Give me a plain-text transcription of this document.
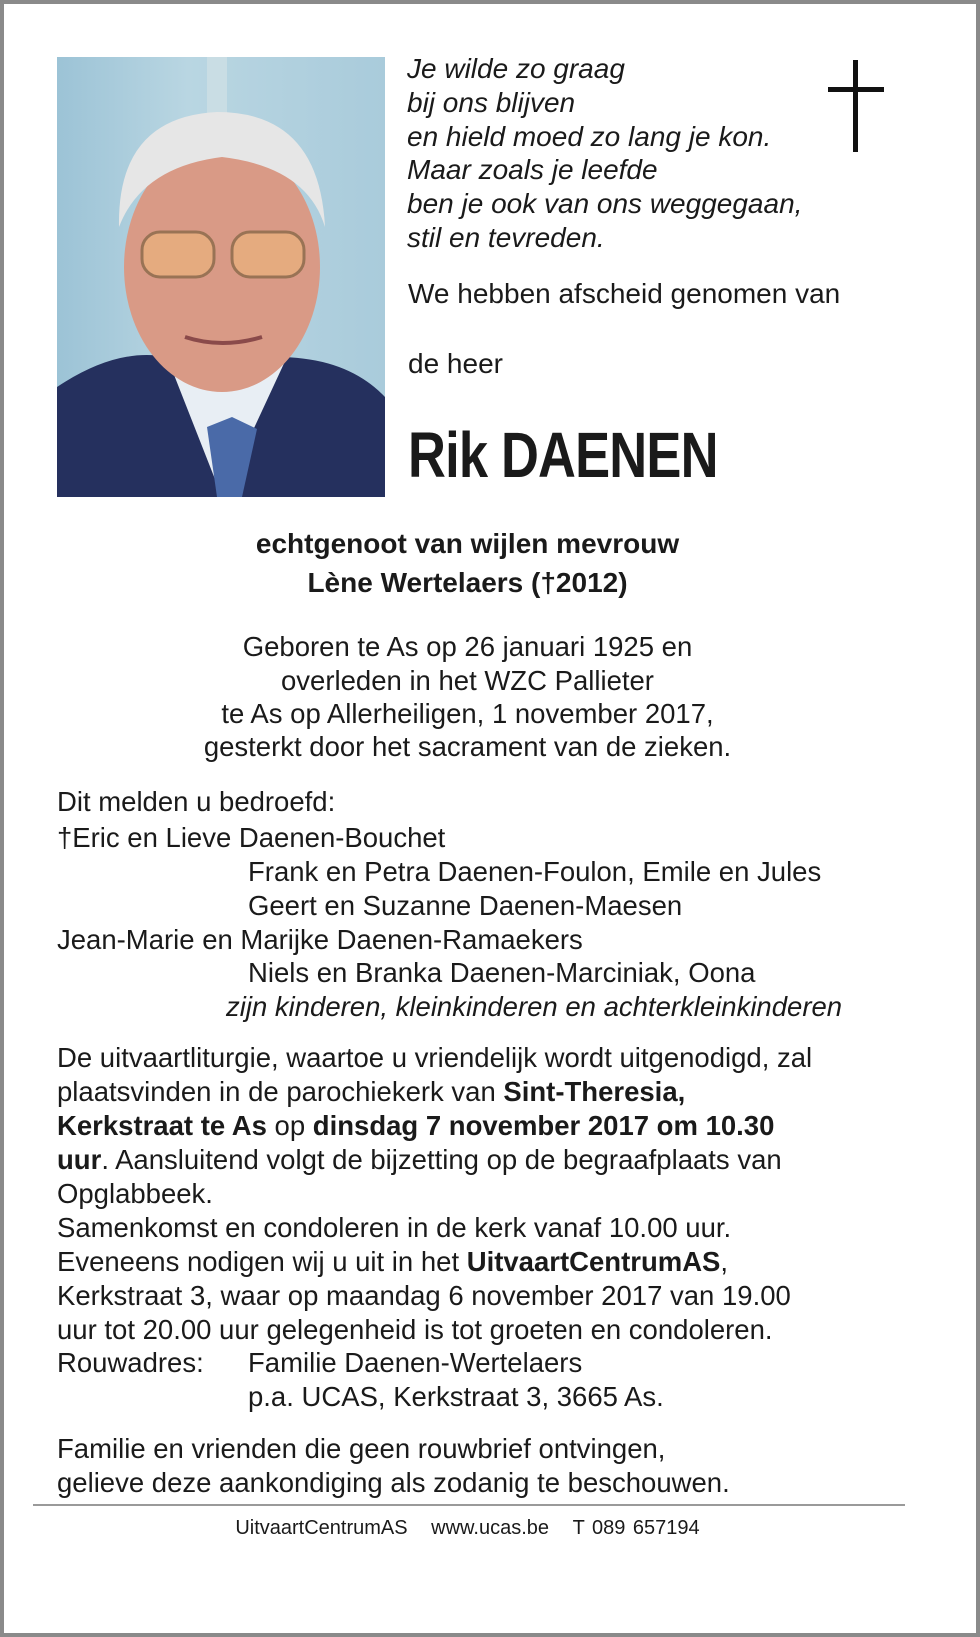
Je wilde zo graag
bij ons blijven
en hield moed zo lang je kon.
Maar zoals je leefde
ben je ook van ons weggegaan,
stil en tevreden.
We hebben afscheid genomen van
de heer
Rik DAENEN
echtgenoot van wijlen mevrouw
Lène Wertelaers (†2012)
Geboren te As op 26 januari 1925 en
overleden in het WZC Pallieter
te As op Allerheiligen, 1 november 2017,
gesterkt door het sacrament van de zieken.
Dit melden u bedroefd:
†Eric en Lieve Daenen-Bouchet
Frank en Petra Daenen-Foulon, Emile en Jules
Geert en Suzanne Daenen-Maesen
Jean-Marie en Marijke Daenen-Ramaekers
Niels en Branka Daenen-Marciniak, Oona
zijn kinderen, kleinkinderen en achterkleinkinderen
De uitvaartliturgie, waartoe u vriendelijk wordt uitgenodigd, zal
plaatsvinden in de parochiekerk van Sint-Theresia,
Kerkstraat te As op dinsdag 7 november 2017 om 10.30
uur. Aansluitend volgt de bijzetting op de begraafplaats van
Opglabbeek.
Samenkomst en condoleren in de kerk vanaf 10.00 uur.
Eveneens nodigen wij u uit in het UitvaartCentrumAS,
Kerkstraat 3, waar op maandag 6 november 2017 van 19.00
uur tot 20.00 uur gelegenheid is tot groeten en condoleren.
Rouwadres: Familie Daenen-Wertelaers
p.a. UCAS, Kerkstraat 3, 3665 As.
Familie en vrienden die geen rouwbrief ontvingen,
gelieve deze aankondiging als zodanig te beschouwen.
UitvaartCentrumAS www.ucas.be T 089 657194
